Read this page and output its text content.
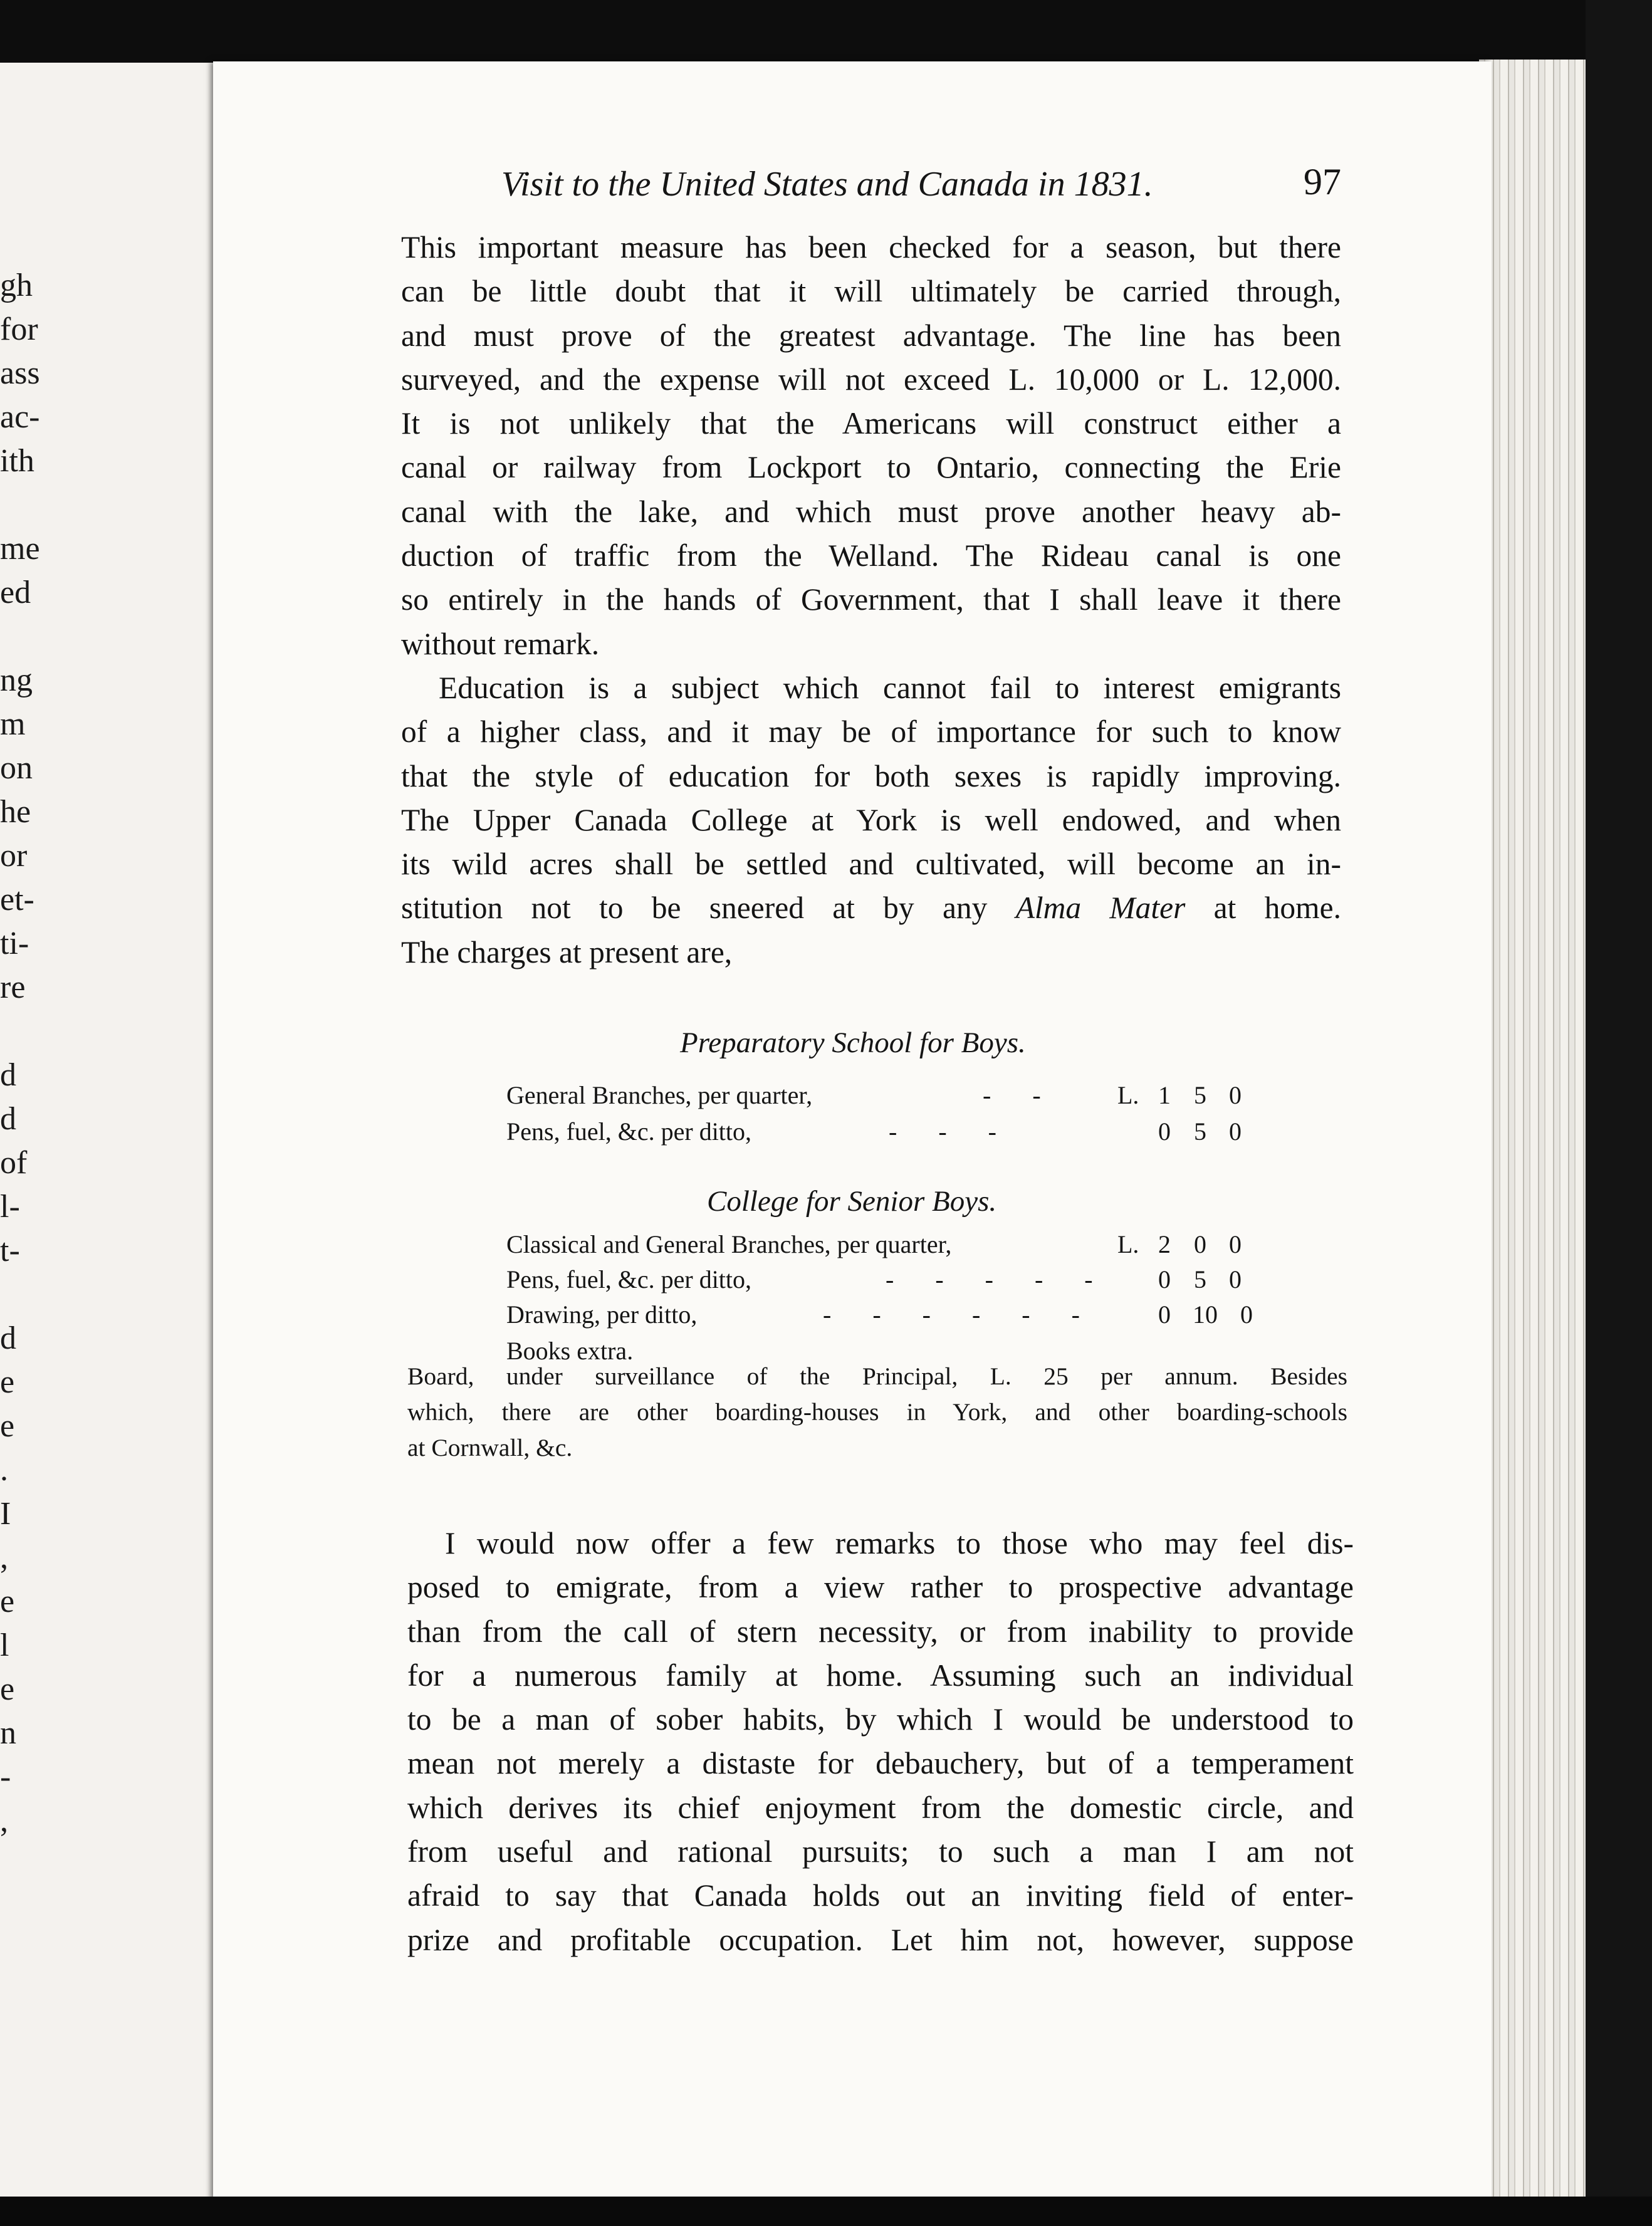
gh
for
ass
ac-
ith
me
ed
ng
m
on
he
or
et-
ti-
re
d
d
of
l-
t-
d
e
e
.
I
,
e
l
e
n
-
,
Visit to the United States and Canada in 1831.	97

This important measure has been checked for a season, but there
can be little doubt that it will ultimately be carried through,
and must prove of the greatest advantage. The line has been
surveyed, and the expense will not exceed L. 10,000 or L. 12,000.
It is not unlikely that the Americans will construct either a
canal or railway from Lockport to Ontario, connecting the Erie
canal with the lake, and which must prove another heavy ab-
duction of traffic from the Welland. The Rideau canal is one
so entirely in the hands of Government, that I shall leave it there
without remark.

Education is a subject which cannot fail to interest emigrants
of a higher class, and it may be of importance for such to know
that the style of education for both sexes is rapidly improving.
The Upper Canada College at York is well endowed, and when
its wild acres shall be settled and cultivated, will become an in-
stitution not to be sneered at by any Alma Mater at home.
The charges at present are,

Preparatory School for Boys.
General Branches, per quarter,	- - L. 1 5 0
Pens, fuel, &c. per ditto,	- - -	0 5 0
College for Senior Boys.
Classical and General Branches, per quarter,	L. 2 0 0
Pens, fuel, &c. per ditto,	- - - - -	0 5 0
Drawing, per ditto,	- - - - - -	0 10 0
Books extra.
Board, under surveillance of the Principal, L. 25 per annum. Besides
which, there are other boarding-houses in York, and other boarding-schools
at Cornwall, &c.

I would now offer a few remarks to those who may feel dis-
posed to emigrate, from a view rather to prospective advantage
than from the call of stern necessity, or from inability to provide
for a numerous family at home. Assuming such an individual
to be a man of sober habits, by which I would be understood to
mean not merely a distaste for debauchery, but of a temperament
which derives its chief enjoyment from the domestic circle, and
from useful and rational pursuits; to such a man I am not
afraid to say that Canada holds out an inviting field of enter-
prize and profitable occupation. Let him not, however, suppose
